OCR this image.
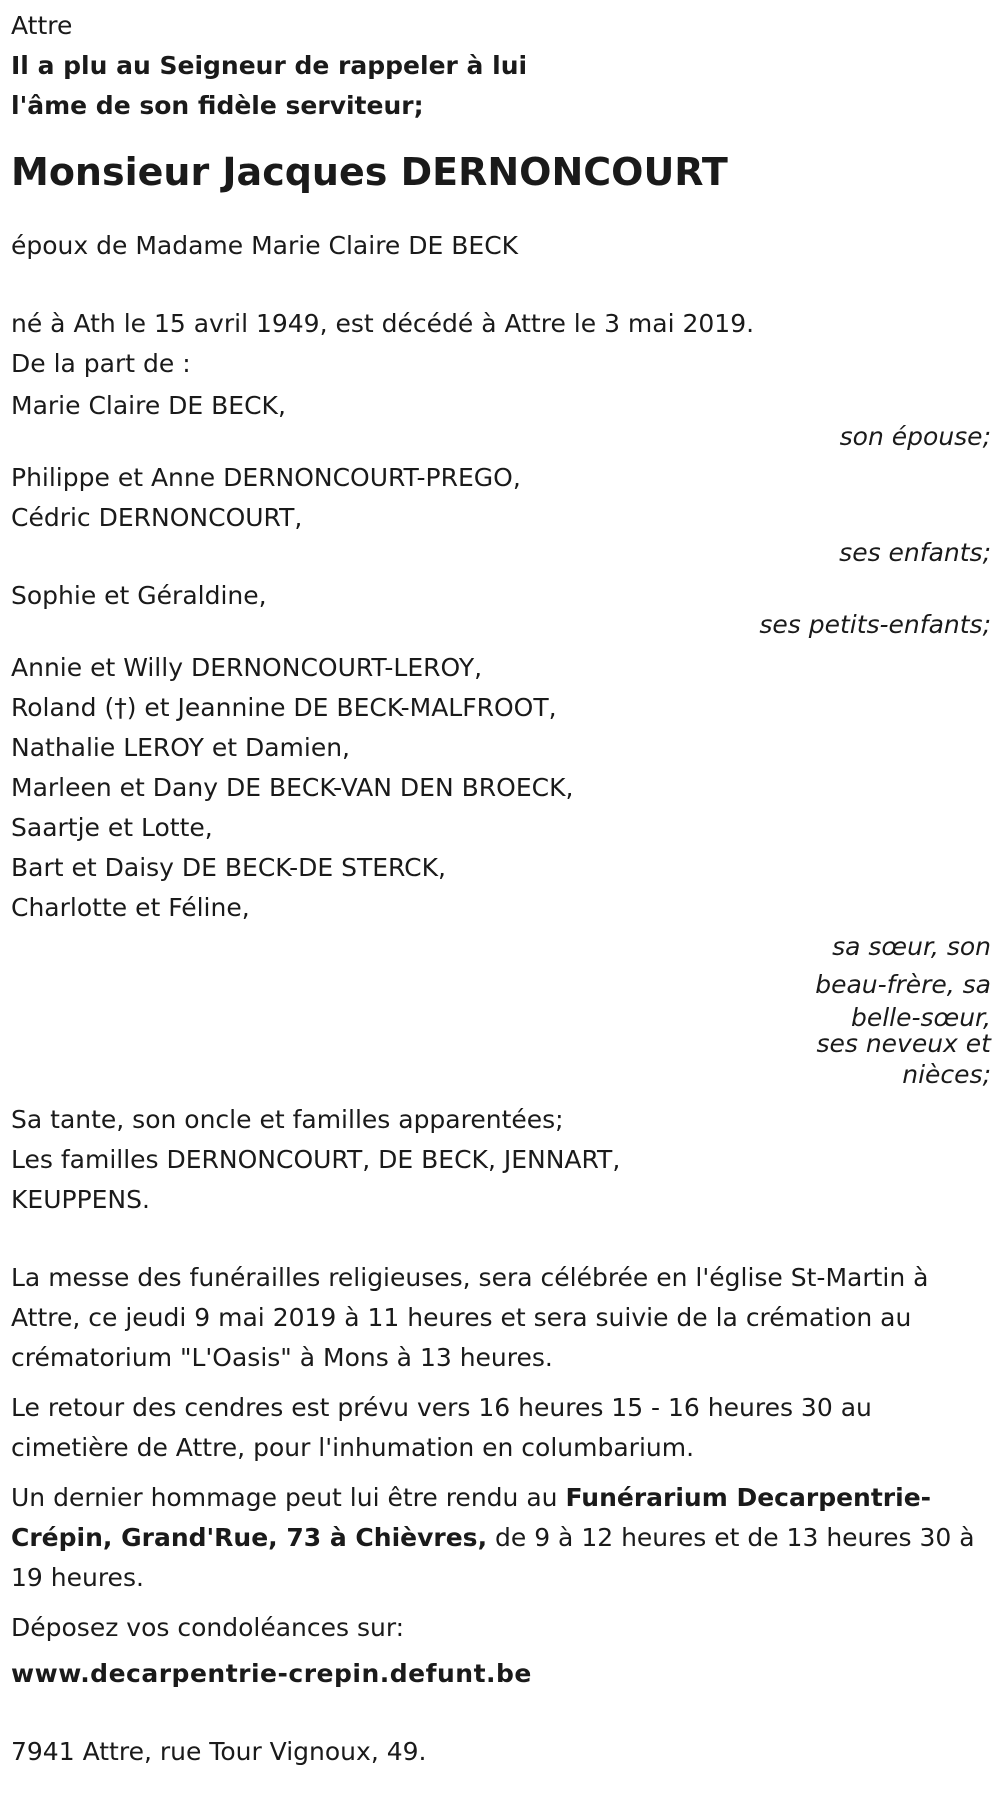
Attre
Il a plu au Seigneur de rappeler à lui
l'âme de son fidèle serviteur;
Monsieur Jacques DERNONCOURT
époux de Madame Marie Claire DE BECK
né à Ath le 15 avril 1949, est décédé à Attre le 3 mai 2019.
De la part de :
Marie Claire DE BECK,
son épouse;
Philippe et Anne DERNONCOURT-PREGO,
Cédric DERNONCOURT,
ses enfants;
Sophie et Géraldine,
ses petits-enfants;
Annie et Willy DERNONCOURT-LEROY,
Roland (†) et Jeannine DE BECK-MALFROOT,
Nathalie LEROY et Damien,
Marleen et Dany DE BECK-VAN DEN BROECK,
Saartje et Lotte,
Bart et Daisy DE BECK-DE STERCK,
Charlotte et Féline,
sa sœur, son
beau-frère, sa
belle-sœur,
ses neveux et
nièces;
Sa tante, son oncle et familles apparentées;
Les familles DERNONCOURT, DE BECK, JENNART,
KEUPPENS.
La messe des funérailles religieuses, sera célébrée en l'église St-Martin à Attre, ce jeudi 9 mai 2019 à 11 heures et sera suivie de la crémation au crématorium "L'Oasis" à Mons à 13 heures.
Le retour des cendres est prévu vers 16 heures 15 - 16 heures 30 au cimetière de Attre, pour l'inhumation en columbarium.
Un dernier hommage peut lui être rendu au Funérarium Decarpentrie-Crépin, Grand'Rue, 73 à Chièvres, de 9 à 12 heures et de 13 heures 30 à 19 heures.
Déposez vos condoléances sur:
www.decarpentrie-crepin.defunt.be
7941 Attre, rue Tour Vignoux, 49.
